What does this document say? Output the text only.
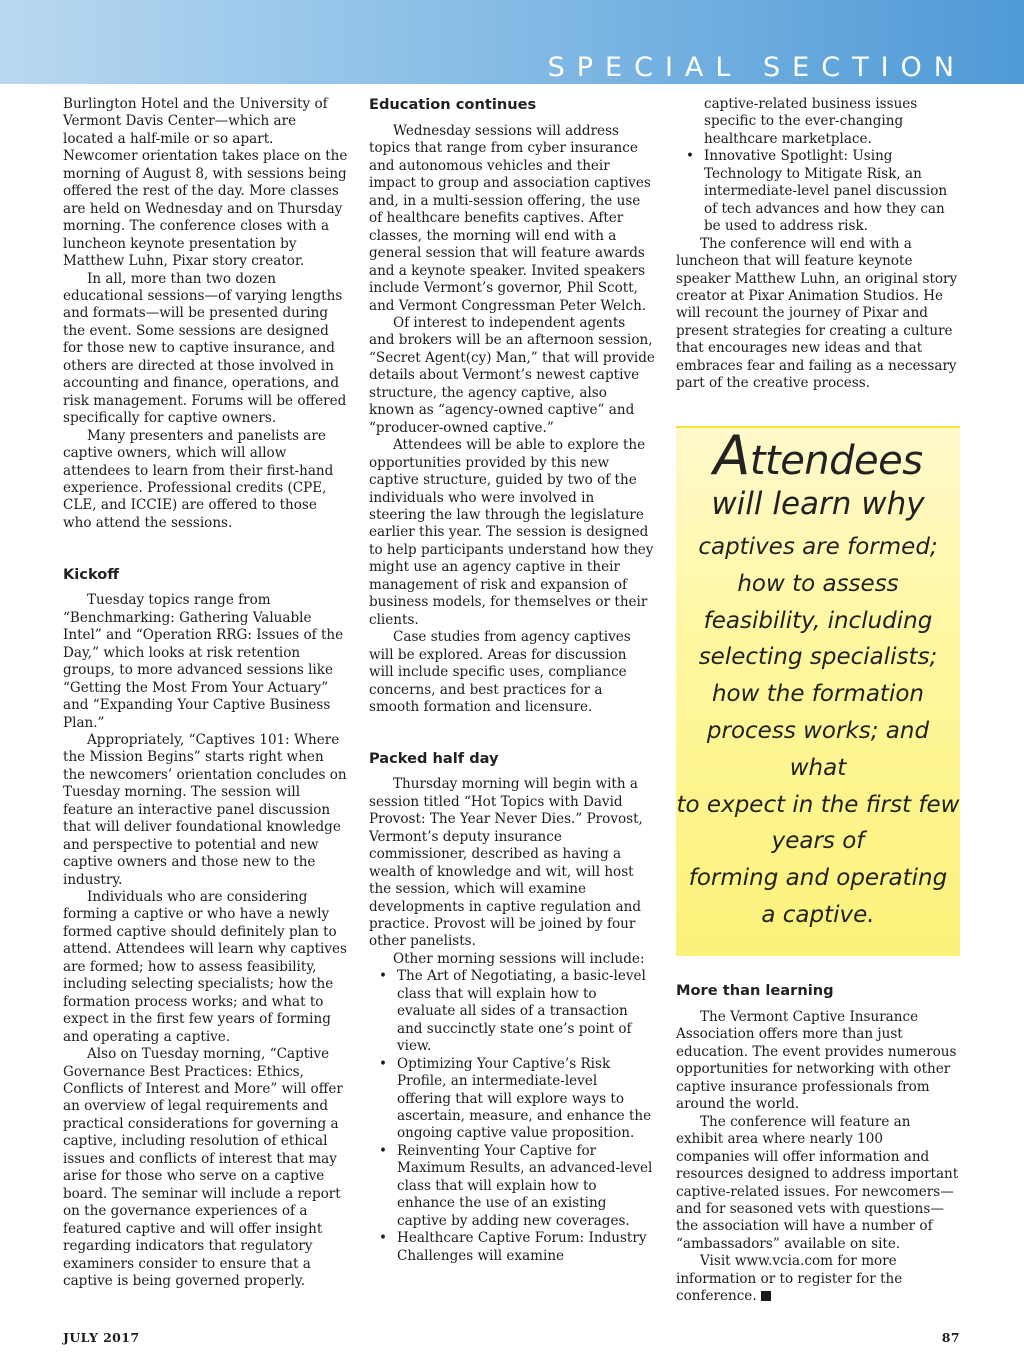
SPECIAL SECTION

Burlington Hotel and the University of Vermont Davis Center—which are located a half-mile or so apart. Newcomer orientation takes place on the morning of August 8, with sessions being offered the rest of the day. More classes are held on Wednesday and on Thursday morning. The conference closes with a luncheon keynote presentation by Matthew Luhn, Pixar story creator.

In all, more than two dozen educational sessions—of varying lengths and formats—will be presented during the event. Some sessions are designed for those new to captive insurance, and others are directed at those involved in accounting and finance, operations, and risk management. Forums will be offered specifically for captive owners.

Many presenters and panelists are captive owners, which will allow attendees to learn from their first-hand experience. Professional credits (CPE, CLE, and ICCIE) are offered to those who attend the sessions.

Kickoff

Tuesday topics range from “Benchmarking: Gathering Valuable Intel” and “Operation RRG: Issues of the Day,” which looks at risk retention groups, to more advanced sessions like “Getting the Most From Your Actuary” and “Expanding Your Captive Business Plan.”

Appropriately, “Captives 101: Where the Mission Begins” starts right when the newcomers’ orientation concludes on Tuesday morning. The session will feature an interactive panel discussion that will deliver foundational knowledge and perspective to potential and new captive owners and those new to the industry.

Individuals who are considering forming a captive or who have a newly formed captive should definitely plan to attend. Attendees will learn why captives are formed; how to assess feasibility, including selecting specialists; how the formation process works; and what to expect in the first few years of forming and operating a captive.

Also on Tuesday morning, “Captive Governance Best Practices: Ethics, Conflicts of Interest and More” will offer an overview of legal requirements and practical considerations for governing a captive, including resolution of ethical issues and conflicts of interest that may arise for those who serve on a captive board. The seminar will include a report on the governance experiences of a featured captive and will offer insight regarding indicators that regulatory examiners consider to ensure that a captive is being governed properly.

Education continues

Wednesday sessions will address topics that range from cyber insurance and autonomous vehicles and their impact to group and association captives and, in a multi-session offering, the use of healthcare benefits captives. After classes, the morning will end with a general session that will feature awards and a keynote speaker. Invited speakers include Vermont’s governor, Phil Scott, and Vermont Congressman Peter Welch.

Of interest to independent agents and brokers will be an afternoon session, “Secret Agent(cy) Man,” that will provide details about Vermont’s newest captive structure, the agency captive, also known as “agency-owned captive” and “producer-owned captive.”

Attendees will be able to explore the opportunities provided by this new captive structure, guided by two of the individuals who were involved in steering the law through the legislature earlier this year. The session is designed to help participants understand how they might use an agency captive in their management of risk and expansion of business models, for themselves or their clients.

Case studies from agency captives will be explored. Areas for discussion will include specific uses, compliance concerns, and best practices for a smooth formation and licensure.

Packed half day

Thursday morning will begin with a session titled “Hot Topics with David Provost: The Year Never Dies.” Provost, Vermont’s deputy insurance commissioner, described as having a wealth of knowledge and wit, will host the session, which will examine developments in captive regulation and practice. Provost will be joined by four other panelists.

Other morning sessions will include:

• The Art of Negotiating, a basic-level class that will explain how to evaluate all sides of a transaction and succinctly state one’s point of view.
• Optimizing Your Captive’s Risk Profile, an intermediate-level offering that will explore ways to ascertain, measure, and enhance the ongoing captive value proposition.
• Reinventing Your Captive for Maximum Results, an advanced-level class that will explain how to enhance the use of an existing captive by adding new coverages.
• Healthcare Captive Forum: Industry Challenges will examine
captive-related business issues specific to the ever-changing healthcare marketplace.
• Innovative Spotlight: Using Technology to Mitigate Risk, an intermediate-level panel discussion of tech advances and how they can be used to address risk.

The conference will end with a luncheon that will feature keynote speaker Matthew Luhn, an original story creator at Pixar Animation Studios. He will recount the journey of Pixar and present strategies for creating a culture that encourages new ideas and that embraces fear and failing as a necessary part of the creative process.

Attendees
will learn why
captives are formed;
how to assess
feasibility, including
selecting specialists;
how the formation
process works; and what
to expect in the first few
years of
forming and operating
a captive.
More than learning

The Vermont Captive Insurance Association offers more than just education. The event provides numerous opportunities for networking with other captive insurance professionals from around the world.

The conference will feature an exhibit area where nearly 100 companies will offer information and resources designed to address important captive-related issues. For newcomers—and for seasoned vets with questions—the association will have a number of “ambassadors” available on site.

Visit www.vcia.com for more information or to register for the conference.

JULY 2017	87
